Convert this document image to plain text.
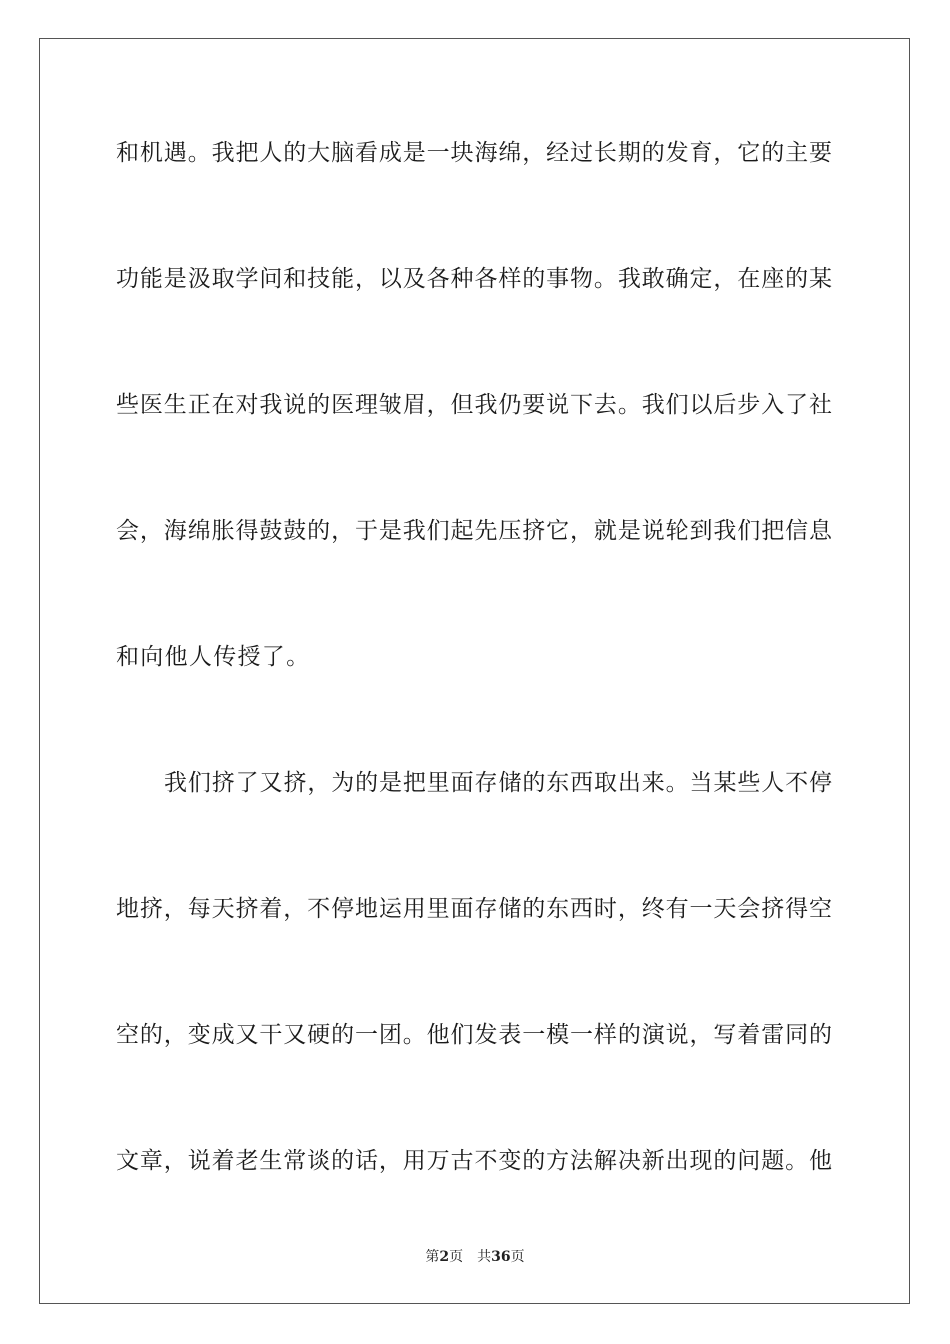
和机遇。我把人的大脑看成是一块海绵，经过长期的发育，它的主要
功能是汲取学问和技能，以及各种各样的事物。我敢确定，在座的某
些医生正在对我说的医理皱眉，但我仍要说下去。我们以后步入了社
会，海绵胀得鼓鼓的，于是我们起先压挤它，就是说轮到我们把信息
和向他人传授了。
我们挤了又挤，为的是把里面存储的东西取出来。当某些人不停
地挤，每天挤着，不停地运用里面存储的东西时，终有一天会挤得空
空的，变成又干又硬的一团。他们发表一模一样的演说，写着雷同的
文章，说着老生常谈的话，用万古不变的方法解决新出现的问题。他
第2页 共36页
